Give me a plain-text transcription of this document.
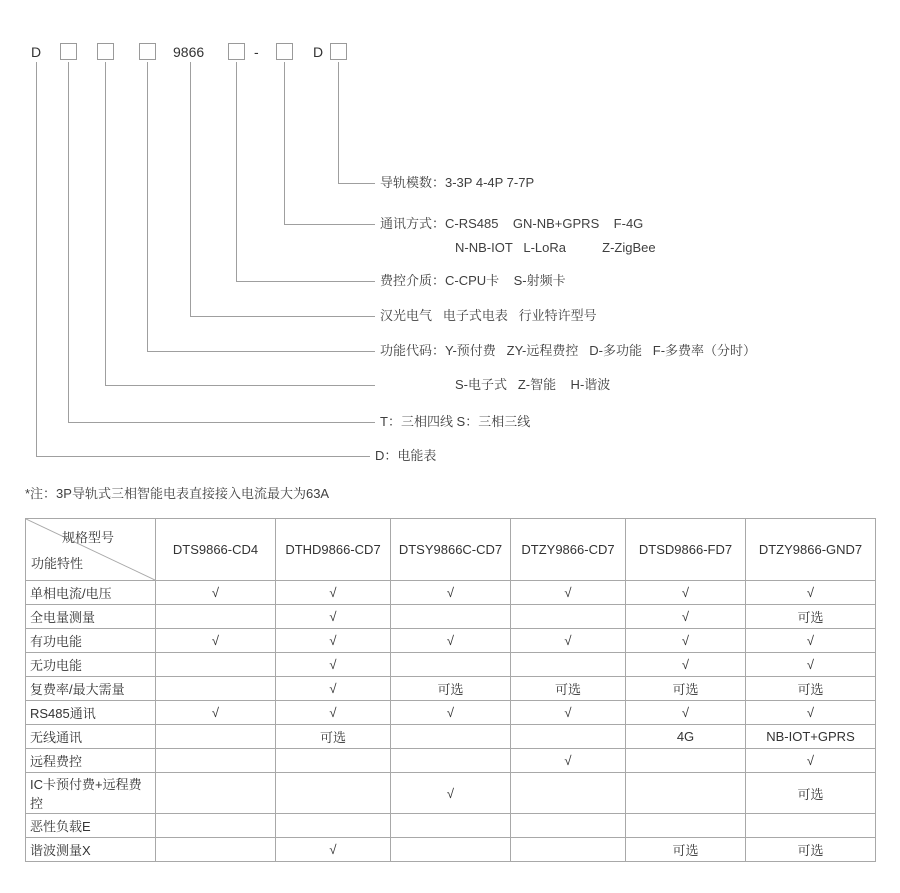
D	9866	-	D
导轨模数：3-3P 4-4P 7-7P
通讯方式：C-RS485    GN-NB+GPRS    F-4G
N-NB-IOT   L-LoRa          Z-ZigBee
费控介质：C-CPU卡    S-射频卡
汉光电气   电子式电表   行业特许型号
功能代码：Y-预付费   ZY-远程费控   D-多功能   F-多费率（分时）
S-电子式   Z-智能    H-谐波
T：三相四线 S：三相三线
D：电能表
*注：3P导轨式三相智能电表直接接入电流最大为63A
规格型号
功能特性	DTS9866-CD4	DTHD9866-CD7	DTSY9866C-CD7	DTZY9866-CD7	DTSD9866-FD7	DTZY9866-GND7
单相电流/电压	√	√	√	√	√	√
全电量测量		√			√	可选
有功电能	√	√	√	√	√	√
无功电能		√			√	√
复费率/最大需量		√	可选	可选	可选	可选
RS485通讯	√	√	√	√	√	√
无线通讯		可选			4G	NB-IOT+GPRS
远程费控				√		√
IC卡预付费+远程费控			√			可选
恶性负载E						
谐波测量X		√			可选	可选
